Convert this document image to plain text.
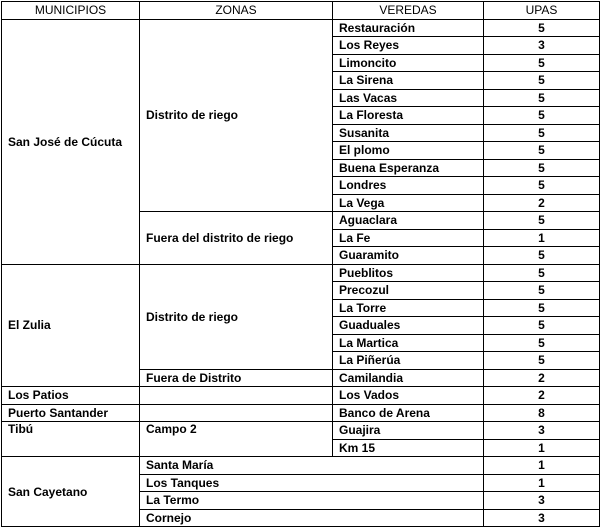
MUNICIPIOS	ZONAS	VEREDAS	UPAS
San José de Cúcuta	Distrito de riego	Restauración	5
		Los Reyes	3
		Limoncito	5
		La Sirena	5
		Las Vacas	5
		La Floresta	5
		Susanita	5
		El plomo	5
		Buena Esperanza	5
		Londres	5
		La Vega	2
	Fuera del distrito de riego	Aguaclara	5
		La Fe	1
		Guaramito	5
El Zulia	Distrito de riego	Pueblitos	5
		Precozul	5
		La Torre	5
		Guaduales	5
		La Martica	5
		La Piñerúa	5
	Fuera de Distrito	Camilandia	2
Los Patios		Los Vados	2
Puerto Santander		Banco de Arena	8
Tibú	Campo 2	Guajira	3
		Km 15	1
San Cayetano	Santa María		1
	Los Tanques		1
	La Termo		3
	Cornejo		3
